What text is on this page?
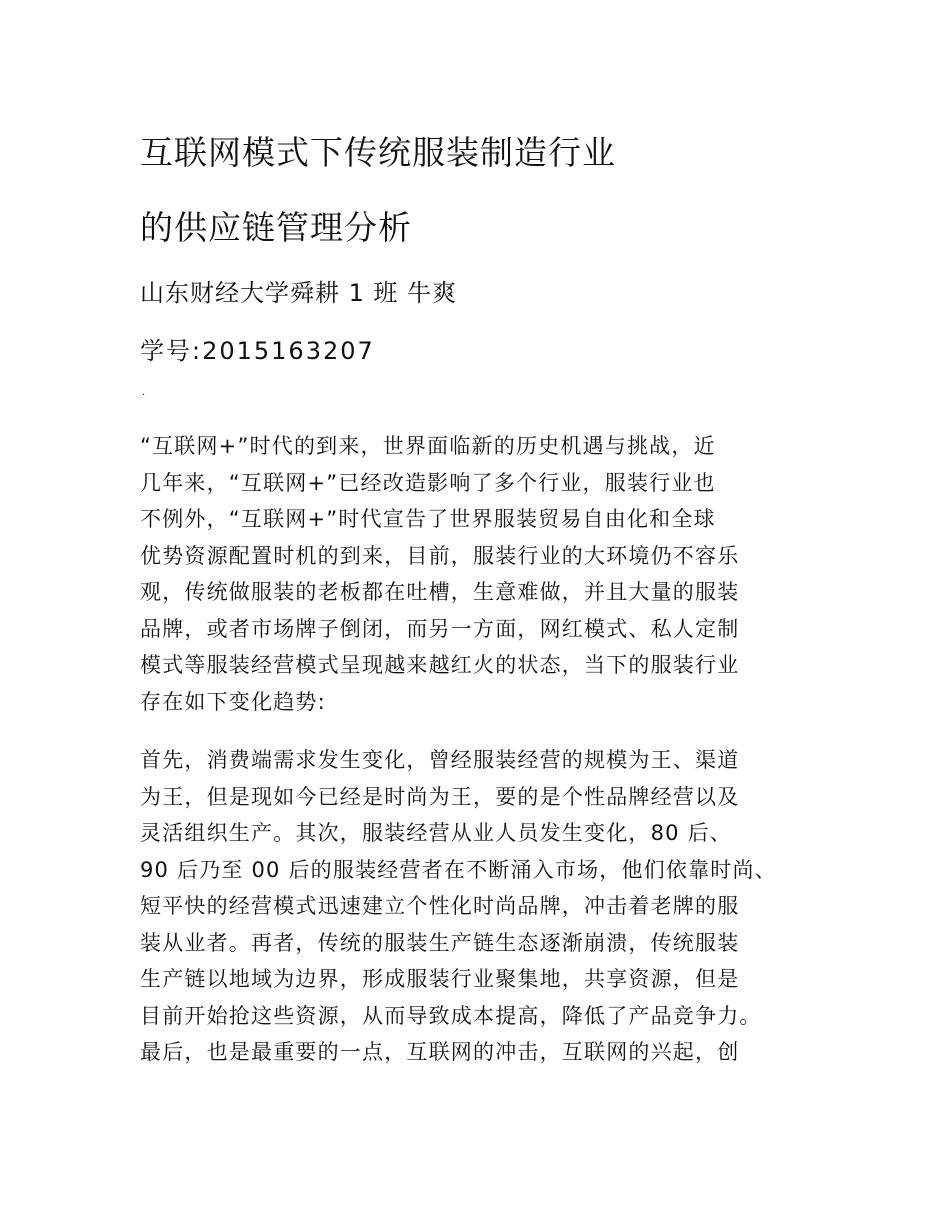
互联网模式下传统服装制造行业
的供应链管理分析
山东财经大学舜耕 1 班 牛爽
学号:2015163207
.
“互联网+”时代的到来，世界面临新的历史机遇与挑战，近
几年来，“互联网+”已经改造影响了多个行业，服装行业也
不例外，“互联网+”时代宣告了世界服装贸易自由化和全球
优势资源配置时机的到来，目前，服装行业的大环境仍不容乐
观，传统做服装的老板都在吐槽，生意难做，并且大量的服装
品牌，或者市场牌子倒闭，而另一方面，网红模式、私人定制
模式等服装经营模式呈现越来越红火的状态，当下的服装行业
存在如下变化趋势:
首先，消费端需求发生变化，曾经服装经营的规模为王、渠道
为王，但是现如今已经是时尚为王，要的是个性品牌经营以及
灵活组织生产。其次，服装经营从业人员发生变化，80 后、
90 后乃至 00 后的服装经营者在不断涌入市场，他们依靠时尚、
短平快的经营模式迅速建立个性化时尚品牌，冲击着老牌的服
装从业者。再者，传统的服装生产链生态逐渐崩溃，传统服装
生产链以地域为边界，形成服装行业聚集地，共享资源，但是
目前开始抢这些资源，从而导致成本提高，降低了产品竞争力。
最后，也是最重要的一点，互联网的冲击，互联网的兴起，创
